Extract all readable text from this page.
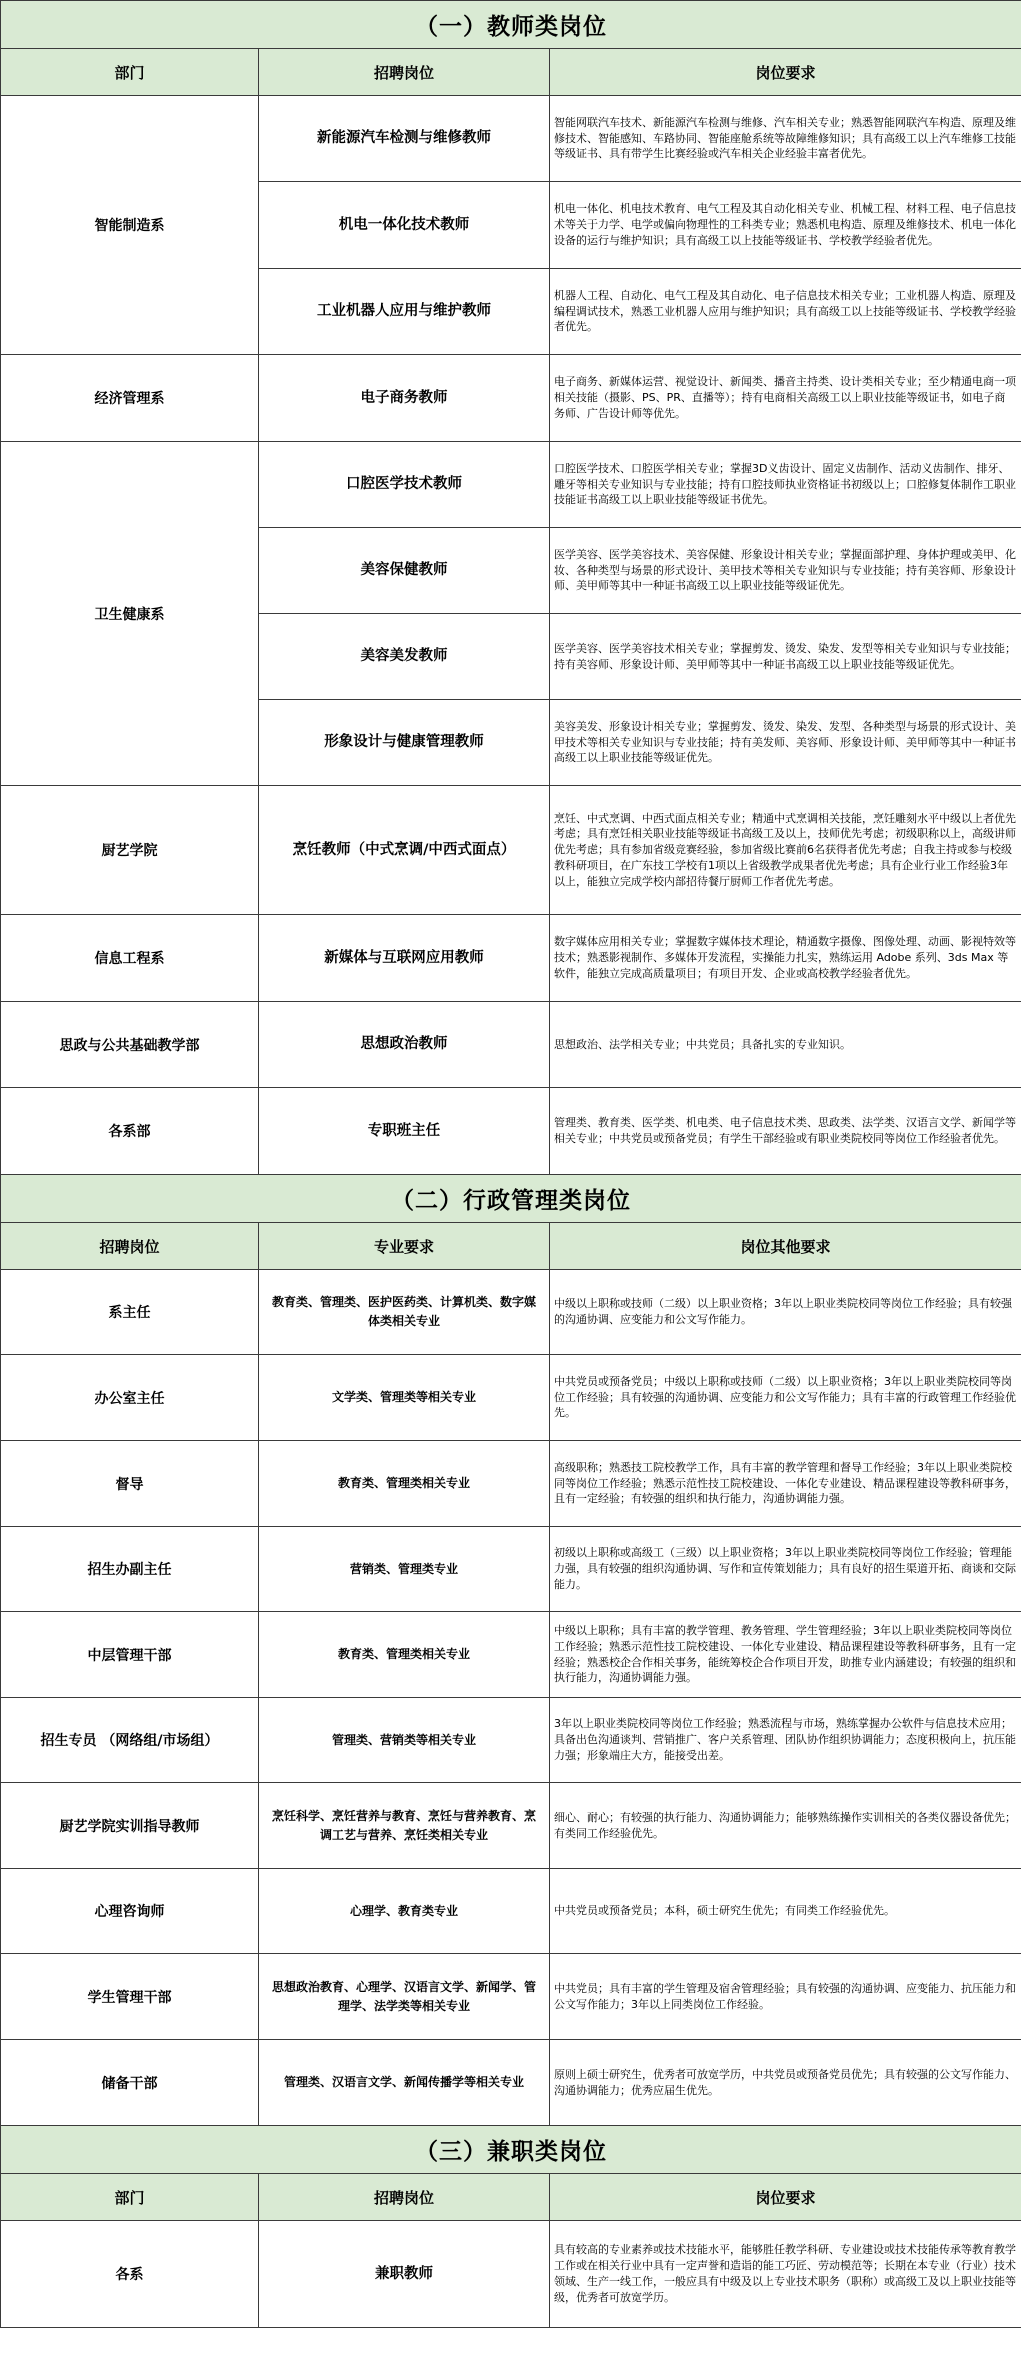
（一）教师类岗位		
部门	招聘岗位	岗位要求
智能制造系	新能源汽车检测与维修教师	智能网联汽车技术、新能源汽车检测与维修、汽车相关专业；熟悉智能网联汽车构造、原理及维修技术、智能感知、车路协同、智能座舱系统等故障维修知识；具有高级工以上汽车维修工技能等级证书、具有带学生比赛经验或汽车相关企业经验丰富者优先。
	机电一体化技术教师	机电一体化、机电技术教育、电气工程及其自动化相关专业、机械工程、材料工程、电子信息技术等关于力学、电学或偏向物理性的工科类专业；熟悉机电构造、原理及维修技术、机电一体化设备的运行与维护知识；具有高级工以上技能等级证书、学校教学经验者优先。
	工业机器人应用与维护教师	机器人工程、自动化、电气工程及其自动化、电子信息技术相关专业；工业机器人构造、原理及编程调试技术，熟悉工业机器人应用与维护知识；具有高级工以上技能等级证书、学校教学经验者优先。
经济管理系	电子商务教师	电子商务、新媒体运营、视觉设计、新闻类、播音主持类、设计类相关专业；至少精通电商一项相关技能（摄影、PS、PR、直播等）；持有电商相关高级工以上职业技能等级证书，如电子商务师、广告设计师等优先。
卫生健康系	口腔医学技术教师	口腔医学技术、口腔医学相关专业；掌握3D义齿设计、固定义齿制作、活动义齿制作、排牙、雕牙等相关专业知识与专业技能；持有口腔技师执业资格证书初级以上；口腔修复体制作工职业技能证书高级工以上职业技能等级证书优先。
	美容保健教师	医学美容、医学美容技术、美容保健、形象设计相关专业；掌握面部护理、身体护理或美甲、化妆、各种类型与场景的形式设计、美甲技术等相关专业知识与专业技能；持有美容师、形象设计师、美甲师等其中一种证书高级工以上职业技能等级证优先。
	美容美发教师	医学美容、医学美容技术相关专业；掌握剪发、烫发、染发、发型等相关专业知识与专业技能；持有美容师、形象设计师、美甲师等其中一种证书高级工以上职业技能等级证优先。
	形象设计与健康管理教师	美容美发、形象设计相关专业；掌握剪发、烫发、染发、发型、各种类型与场景的形式设计、美甲技术等相关专业知识与专业技能；持有美发师、美容师、形象设计师、美甲师等其中一种证书高级工以上职业技能等级证优先。
厨艺学院	烹饪教师（中式烹调/中西式面点）	烹饪、中式烹调、中西式面点相关专业；精通中式烹调相关技能，烹饪雕刻水平中级以上者优先考虑；具有烹饪相关职业技能等级证书高级工及以上，技师优先考虑；初级职称以上，高级讲师优先考虑；具有参加省级竞赛经验，参加省级比赛前6名获得者优先考虑；自我主持或参与校级教科研项目，在广东技工学校有1项以上省级教学成果者优先考虑；具有企业行业工作经验3年以上，能独立完成学校内部招待餐厅厨师工作者优先考虑。
信息工程系	新媒体与互联网应用教师	数字媒体应用相关专业；掌握数字媒体技术理论，精通数字摄像、图像处理、动画、影视特效等技术；熟悉影视制作、多媒体开发流程，实操能力扎实，熟练运用 Adobe 系列、3ds Max 等软件，能独立完成高质量项目；有项目开发、企业或高校教学经验者优先。
思政与公共基础教学部	思想政治教师	思想政治、法学相关专业；中共党员；具备扎实的专业知识。
各系部	专职班主任	管理类、教育类、医学类、机电类、电子信息技术类、思政类、法学类、汉语言文学、新闻学等相关专业；中共党员或预备党员；有学生干部经验或有职业类院校同等岗位工作经验者优先。
（二）行政管理类岗位		
招聘岗位	专业要求	岗位其他要求
系主任	教育类、管理类、医护医药类、计算机类、数字媒体类相关专业	中级以上职称或技师（二级）以上职业资格；3年以上职业类院校同等岗位工作经验；具有较强的沟通协调、应变能力和公文写作能力。
办公室主任	文学类、管理类等相关专业	中共党员或预备党员；中级以上职称或技师（二级）以上职业资格；3年以上职业类院校同等岗位工作经验；具有较强的沟通协调、应变能力和公文写作能力；具有丰富的行政管理工作经验优先。
督导	教育类、管理类相关专业	高级职称；熟悉技工院校教学工作，具有丰富的教学管理和督导工作经验；3年以上职业类院校同等岗位工作经验；熟悉示范性技工院校建设、一体化专业建设、精品课程建设等教科研事务，且有一定经验；有较强的组织和执行能力，沟通协调能力强。
招生办副主任	营销类、管理类专业	初级以上职称或高级工（三级）以上职业资格；3年以上职业类院校同等岗位工作经验；管理能力强，具有较强的组织沟通协调、写作和宣传策划能力；具有良好的招生渠道开拓、商谈和交际能力。
中层管理干部	教育类、管理类相关专业	中级以上职称；具有丰富的教学管理、教务管理、学生管理经验；3年以上职业类院校同等岗位工作经验；熟悉示范性技工院校建设、一体化专业建设、精品课程建设等教科研事务，且有一定经验；熟悉校企合作相关事务，能统筹校企合作项目开发，助推专业内涵建设；有较强的组织和执行能力，沟通协调能力强。
招生专员 （网络组/市场组）	管理类、营销类等相关专业	3年以上职业类院校同等岗位工作经验；熟悉流程与市场，熟练掌握办公软件与信息技术应用；具备出色沟通谈判、营销推广、客户关系管理、团队协作组织协调能力；态度积极向上，抗压能力强；形象端庄大方，能接受出差。
厨艺学院实训指导教师	烹饪科学、烹饪营养与教育、烹饪与营养教育、烹调工艺与营养、烹饪类相关专业	细心、耐心；有较强的执行能力、沟通协调能力；能够熟练操作实训相关的各类仪器设备优先；有类同工作经验优先。
心理咨询师	心理学、教育类专业	中共党员或预备党员；本科，硕士研究生优先；有同类工作经验优先。
学生管理干部	思想政治教育、心理学、汉语言文学、新闻学、管理学、法学类等相关专业	中共党员；具有丰富的学生管理及宿舍管理经验；具有较强的沟通协调、应变能力、抗压能力和公文写作能力；3年以上同类岗位工作经验。
储备干部	管理类、汉语言文学、新闻传播学等相关专业	原则上硕士研究生，优秀者可放宽学历，中共党员或预备党员优先；具有较强的公文写作能力、沟通协调能力；优秀应届生优先。
（三）兼职类岗位		
部门	招聘岗位	岗位要求
各系	兼职教师	具有较高的专业素养或技术技能水平，能够胜任教学科研、专业建设或技术技能传承等教育教学工作或在相关行业中具有一定声誉和造诣的能工巧匠、劳动模范等；长期在本专业（行业）技术领域、生产一线工作，一般应具有中级及以上专业技术职务（职称）或高级工及以上职业技能等级，优秀者可放宽学历。
